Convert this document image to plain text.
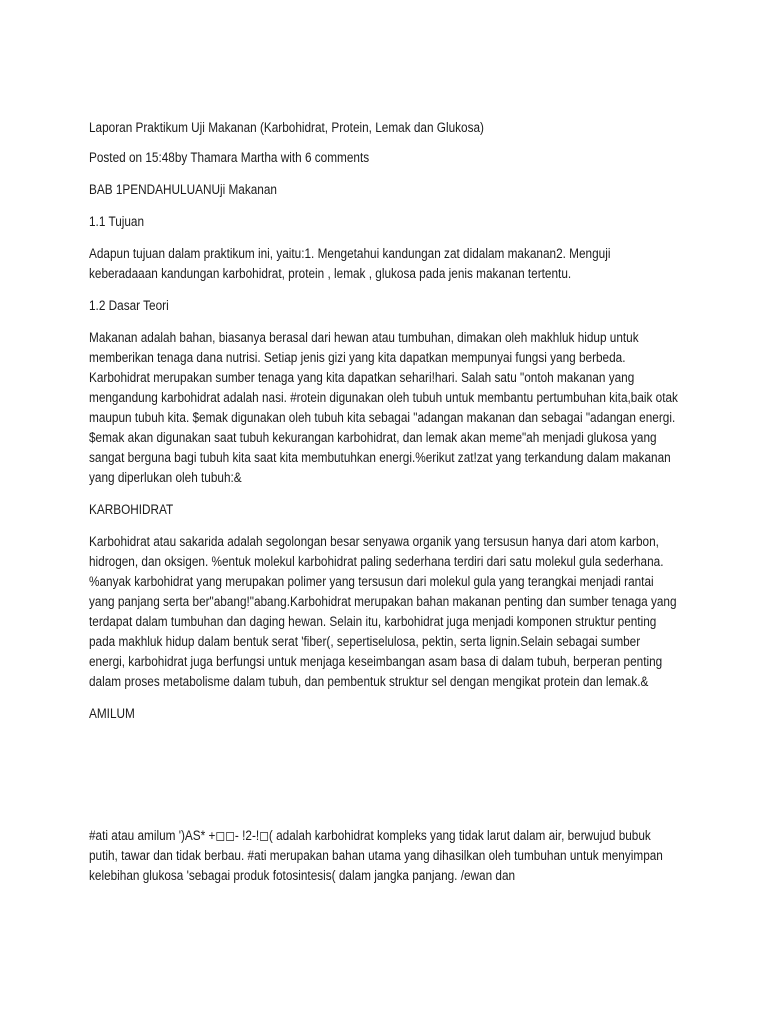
Laporan Praktikum Uji Makanan (Karbohidrat, Protein, Lemak dan Glukosa)

Posted on 15:48by Thamara Martha with 6 comments

BAB 1PENDAHULUANUji Makanan

1.1 Tujuan

Adapun tujuan dalam praktikum ini, yaitu:1. Mengetahui kandungan zat didalam makanan2. Menguji keberadaaan kandungan karbohidrat, protein , lemak , glukosa pada jenis makanan tertentu.

1.2 Dasar Teori

Makanan adalah bahan, biasanya berasal dari hewan atau tumbuhan, dimakan oleh makhluk hidup untuk memberikan tenaga dana nutrisi. Setiap jenis gizi yang kita dapatkan mempunyai fungsi yang berbeda. Karbohidrat merupakan sumber tenaga yang kita dapatkan sehari!hari. Salah satu "ontoh makanan yang mengandung karbohidrat adalah nasi. #rotein digunakan oleh tubuh untuk membantu pertumbuhan kita,baik otak maupun tubuh kita. $emak digunakan oleh tubuh kita sebagai "adangan makanan dan sebagai "adangan energi. $emak akan digunakan saat tubuh kekurangan karbohidrat, dan lemak akan meme"ah menjadi glukosa yang sangat berguna bagi tubuh kita saat kita membutuhkan energi.%erikut zat!zat yang terkandung dalam makanan yang diperlukan oleh tubuh:&

KARBOHIDRAT

Karbohidrat atau sakarida adalah segolongan besar senyawa organik yang tersusun hanya dari atom karbon, hidrogen, dan oksigen. %entuk molekul karbohidrat paling sederhana terdiri dari satu molekul gula sederhana. %anyak karbohidrat yang merupakan polimer yang tersusun dari molekul gula yang terangkai menjadi rantai yang panjang serta ber"abang!"abang.Karbohidrat merupakan bahan makanan penting dan sumber tenaga yang terdapat dalam tumbuhan dan daging hewan. Selain itu, karbohidrat juga menjadi komponen struktur penting pada makhluk hidup dalam bentuk serat 'fiber(, sepertiselulosa, pektin, serta lignin.Selain sebagai sumber energi, karbohidrat juga berfungsi untuk menjaga keseimbangan asam basa di dalam tubuh, berperan penting dalam proses metabolisme dalam tubuh, dan pembentuk struktur sel dengan mengikat protein dan lemak.&

AMILUM

#ati atau amilum ')AS* +◻◻- !2-!◻( adalah karbohidrat kompleks yang tidak larut dalam air, berwujud bubuk putih, tawar dan tidak berbau. #ati merupakan bahan utama yang dihasilkan oleh tumbuhan untuk menyimpan kelebihan glukosa 'sebagai produk fotosintesis( dalam jangka panjang. /ewan dan
